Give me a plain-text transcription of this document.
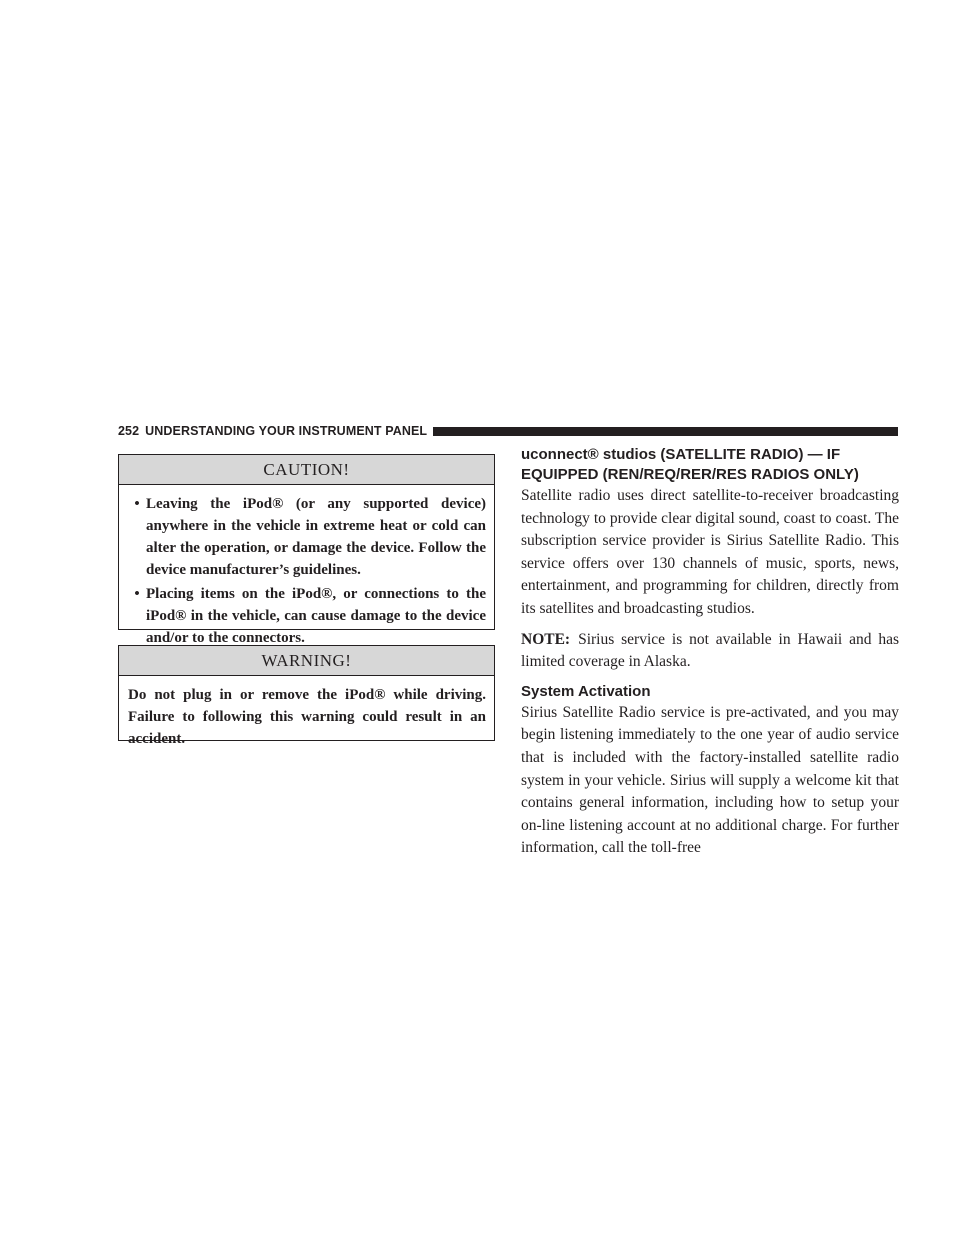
252 UNDERSTANDING YOUR INSTRUMENT PANEL
CAUTION!
• Leaving the iPod® (or any supported device) anywhere in the vehicle in extreme heat or cold can alter the operation, or damage the device. Follow the device manufacturer’s guidelines.
• Placing items on the iPod®, or connections to the iPod® in the vehicle, can cause damage to the device and/or to the connectors.
WARNING!
Do not plug in or remove the iPod® while driving. Failure to following this warning could result in an accident.
uconnect® studios (SATELLITE RADIO) — IF
EQUIPPED (REN/REQ/RER/RES RADIOS ONLY)

Satellite radio uses direct satellite-to-receiver broadcasting technology to provide clear digital sound, coast to coast. The subscription service provider is Sirius Satellite Radio. This service offers over 130 channels of music, sports, news, entertainment, and programming for children, directly from its satellites and broadcasting studios.

NOTE: Sirius service is not available in Hawaii and has limited coverage in Alaska.

System Activation

Sirius Satellite Radio service is pre-activated, and you may begin listening immediately to the one year of audio service that is included with the factory-installed satellite radio system in your vehicle. Sirius will supply a welcome kit that contains general information, including how to setup your on-line listening account at no additional charge. For further information, call the toll-free
